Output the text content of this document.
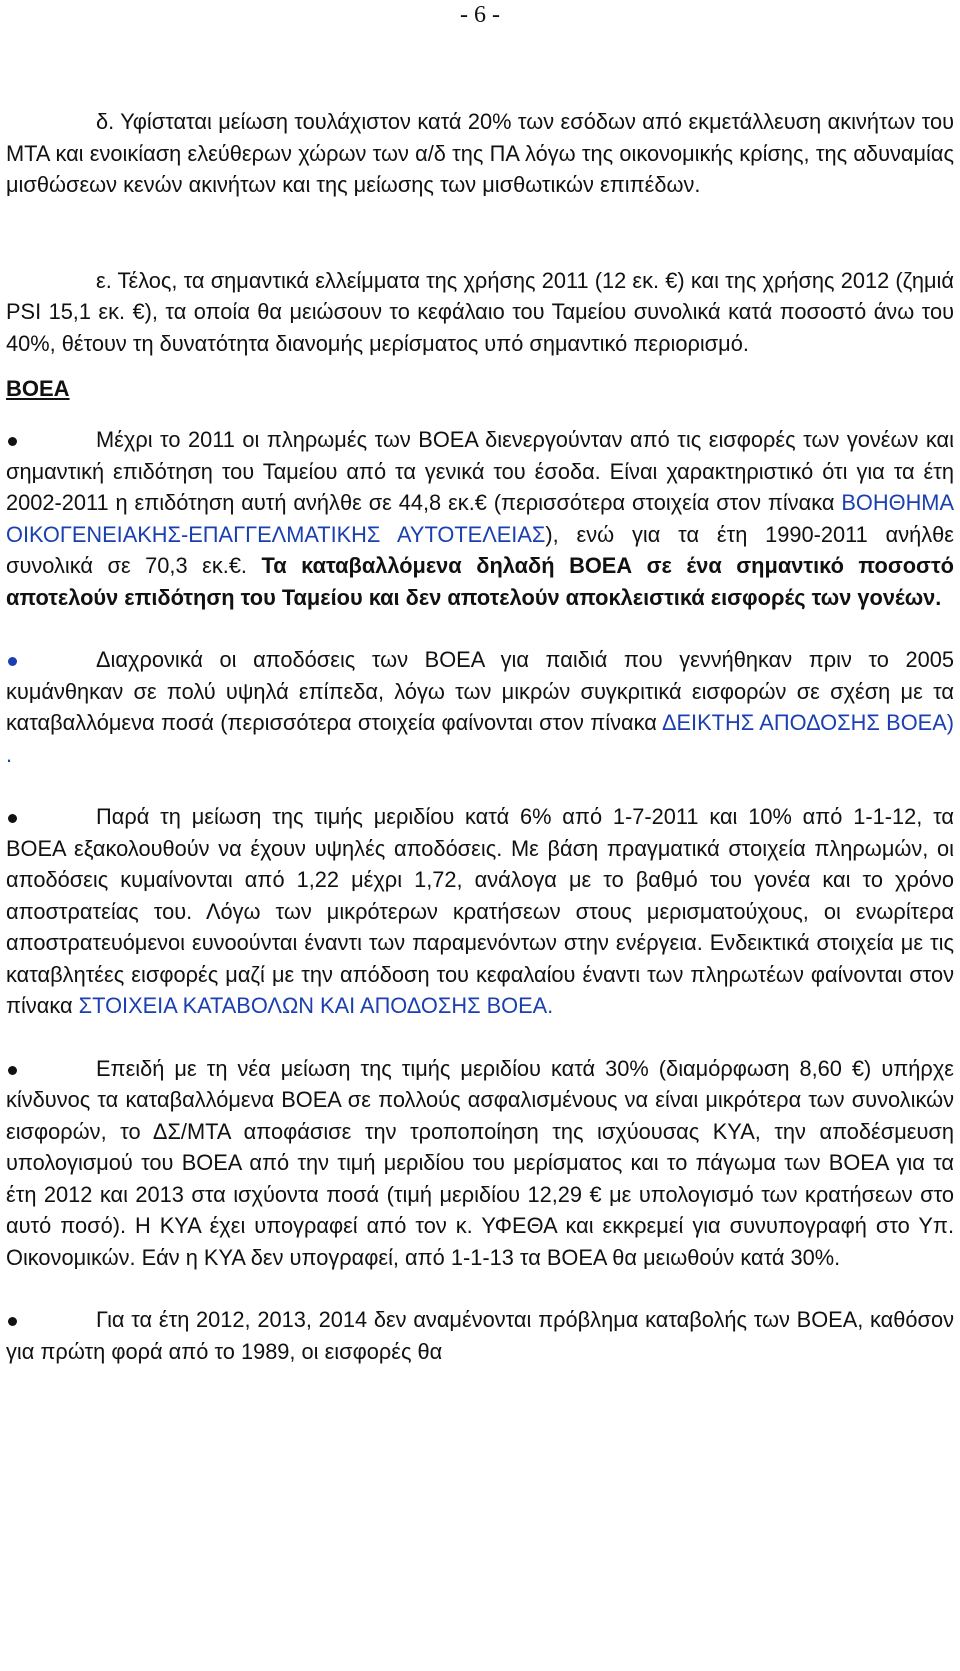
- 6 -

δ. Υφίσταται μείωση τουλάχιστον κατά 20% των εσόδων από εκμετάλλευση ακινήτων του ΜΤΑ και ενοικίαση ελεύθερων χώρων των α/δ της ΠΑ λόγω της οικονομικής κρίσης, της αδυναμίας μισθώσεων κενών ακινήτων και της μείωσης των μισθωτικών επιπέδων.

ε. Τέλος, τα σημαντικά ελλείμματα της χρήσης 2011 (12 εκ. €) και της χρήσης 2012 (ζημιά PSI 15,1 εκ. €), τα οποία θα μειώσουν το κεφάλαιο του Ταμείου συνολικά κατά ποσοστό άνω του 40%, θέτουν τη δυνατότητα διανομής μερίσματος υπό σημαντικό περιορισμό.

ΒΟΕΑ

Μέχρι το 2011 οι πληρωμές των ΒΟΕΑ διενεργούνταν από τις εισφορές των γονέων και σημαντική επιδότηση του Ταμείου από τα γενικά του έσοδα. Είναι χαρακτηριστικό ότι για τα έτη 2002-2011 η επιδότηση αυτή ανήλθε σε 44,8 εκ.€ (περισσότερα στοιχεία στον πίνακα ΒΟΗΘΗΜΑ ΟΙΚΟΓΕΝΕΙΑΚΗΣ-ΕΠΑΓΓΕΛΜΑΤΙΚΗΣ ΑΥΤΟΤΕΛΕΙΑΣ), ενώ για τα έτη 1990-2011 ανήλθε συνολικά σε 70,3 εκ.€. Τα καταβαλλόμενα δηλαδή ΒΟΕΑ σε ένα σημαντικό ποσοστό αποτελούν επιδότηση του Ταμείου και δεν αποτελούν αποκλειστικά εισφορές των γονέων.

Διαχρονικά οι αποδόσεις των ΒΟΕΑ για παιδιά που γεννήθηκαν πριν το 2005 κυμάνθηκαν σε πολύ υψηλά επίπεδα, λόγω των μικρών συγκριτικά εισφορών σε σχέση με τα καταβαλλόμενα ποσά (περισσότερα στοιχεία φαίνονται στον πίνακα ΔΕΙΚΤΗΣ ΑΠΟΔΟΣΗΣ ΒΟΕΑ) .

Παρά τη μείωση της τιμής μεριδίου κατά 6% από 1-7-2011 και 10% από 1-1-12, τα ΒΟΕΑ εξακολουθούν να έχουν υψηλές αποδόσεις. Με βάση πραγματικά στοιχεία πληρωμών, οι αποδόσεις κυμαίνονται από 1,22 μέχρι 1,72, ανάλογα με το βαθμό του γονέα και το χρόνο αποστρατείας του. Λόγω των μικρότερων κρατήσεων στους μερισματούχους, οι ενωρίτερα αποστρατευόμενοι ευνοούνται έναντι των παραμενόντων στην ενέργεια. Ενδεικτικά στοιχεία με τις καταβλητέες εισφορές μαζί με την απόδοση του κεφαλαίου έναντι των πληρωτέων φαίνονται στον πίνακα ΣΤΟΙΧΕΙΑ ΚΑΤΑΒΟΛΩΝ ΚΑΙ ΑΠΟΔΟΣΗΣ ΒΟΕΑ.

Επειδή με τη νέα μείωση της τιμής μεριδίου κατά 30% (διαμόρφωση 8,60 €) υπήρχε κίνδυνος τα καταβαλλόμενα ΒΟΕΑ σε πολλούς ασφαλισμένους να είναι μικρότερα των συνολικών εισφορών, το ΔΣ/ΜΤΑ αποφάσισε την τροποποίηση της ισχύουσας ΚΥΑ, την αποδέσμευση υπολογισμού του ΒΟΕΑ από την τιμή μεριδίου του μερίσματος και το πάγωμα των ΒΟΕΑ για τα έτη 2012 και 2013 στα ισχύοντα ποσά (τιμή μεριδίου 12,29 € με υπολογισμό των κρατήσεων στο αυτό ποσό). Η ΚΥΑ έχει υπογραφεί από τον κ. ΥΦΕΘΑ και εκκρεμεί για συνυπογραφή στο Υπ. Οικονομικών. Εάν η ΚΥΑ δεν υπογραφεί, από 1-1-13 τα ΒΟΕΑ θα μειωθούν κατά 30%.

Για τα έτη 2012, 2013, 2014 δεν αναμένονται πρόβλημα καταβολής των ΒΟΕΑ, καθόσον για πρώτη φορά από το 1989, οι εισφορές θα
